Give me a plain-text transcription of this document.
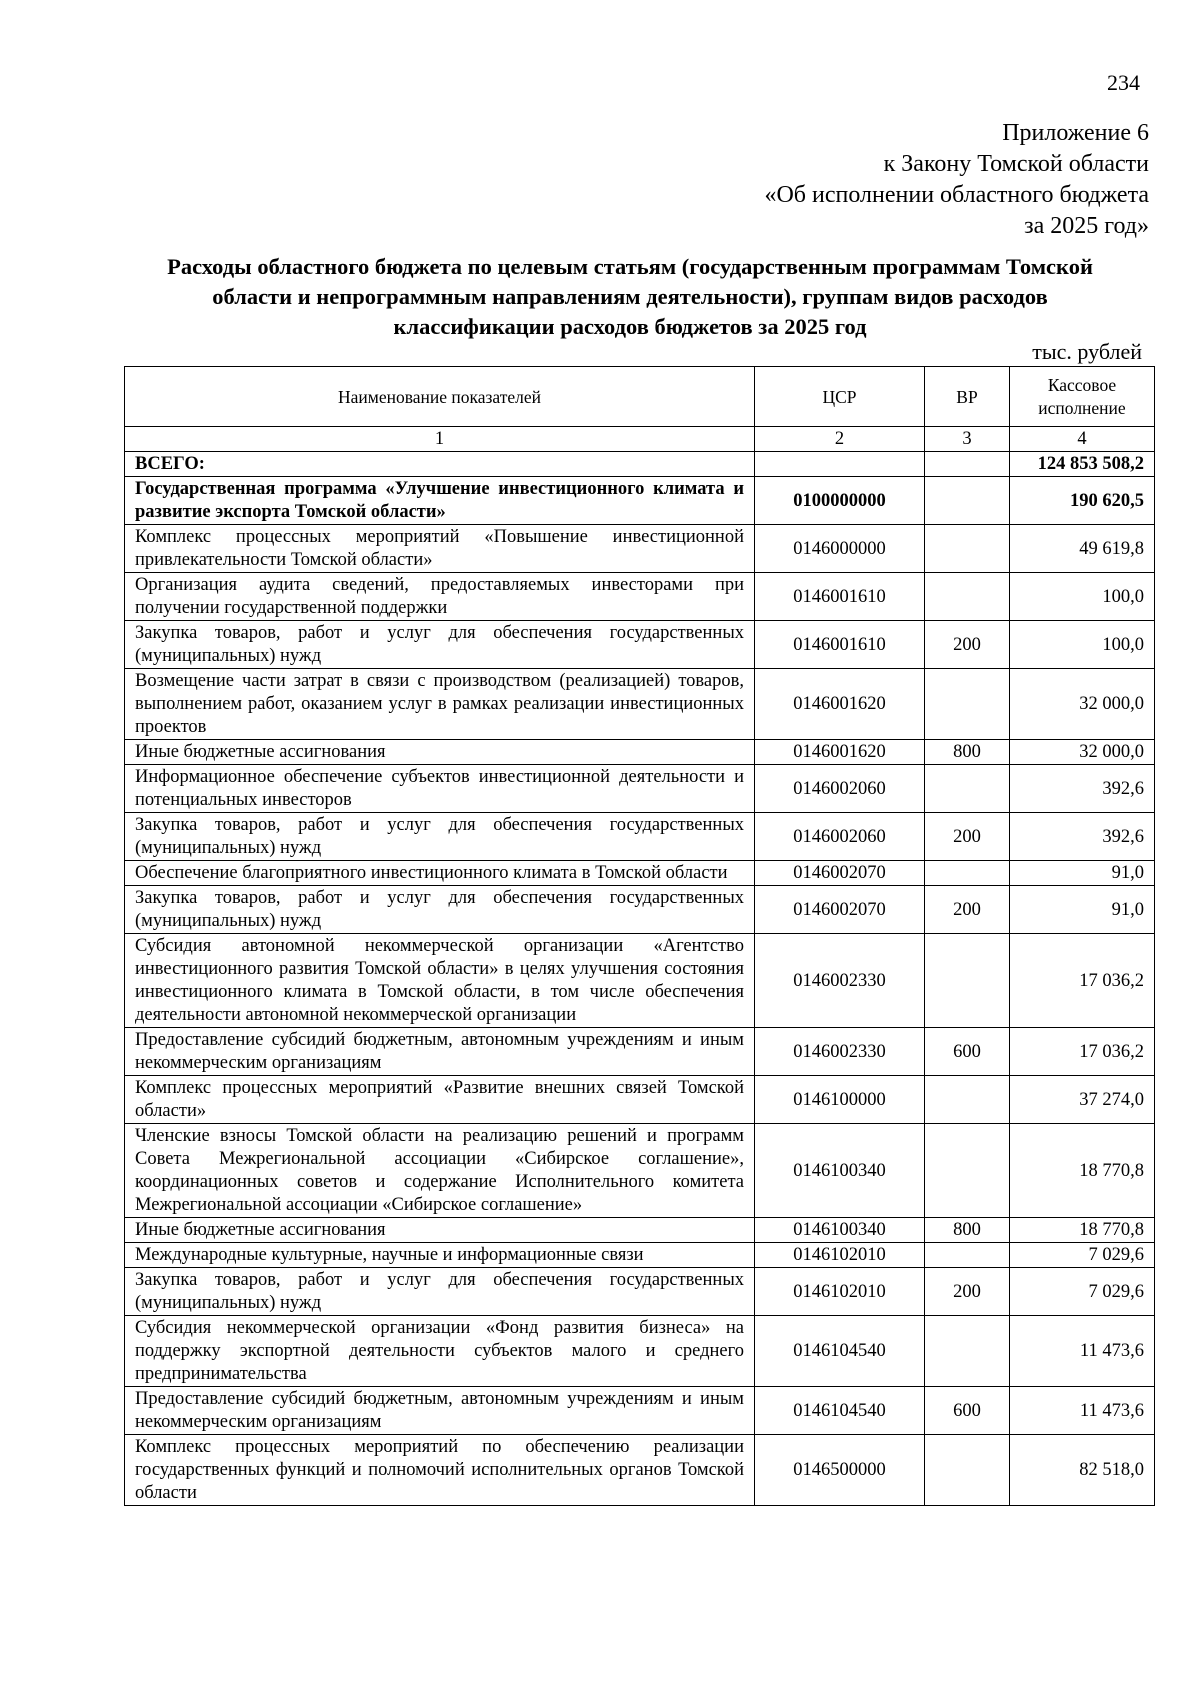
234
Приложение 6
к Закону Томской области
«Об исполнении областного бюджета
за 2025 год»
Расходы областного бюджета по целевым статьям (государственным программам Томской
области и непрограммным направлениям деятельности), группам видов расходов
классификации расходов бюджетов за 2025 год
тыс. рублей
Наименование показателей	ЦСР	ВР	Кассовое исполнение
1	2	3	4
ВСЕГО:			124 853 508,2
Государственная программа «Улучшение инвестиционного климата и развитие экспорта Томской области»	0100000000		190 620,5
Комплекс процессных мероприятий «Повышение инвестиционной привлекательности Томской области»	0146000000		49 619,8
Организация аудита сведений, предоставляемых инвесторами при получении государственной поддержки	0146001610		100,0
Закупка товаров, работ и услуг для обеспечения государственных (муниципальных) нужд	0146001610	200	100,0
Возмещение части затрат в связи с производством (реализацией) товаров, выполнением работ, оказанием услуг в рамках реализации инвестиционных проектов	0146001620		32 000,0
Иные бюджетные ассигнования	0146001620	800	32 000,0
Информационное обеспечение субъектов инвестиционной деятельности и потенциальных инвесторов	0146002060		392,6
Закупка товаров, работ и услуг для обеспечения государственных (муниципальных) нужд	0146002060	200	392,6
Обеспечение благоприятного инвестиционного климата в Томской области	0146002070		91,0
Закупка товаров, работ и услуг для обеспечения государственных (муниципальных) нужд	0146002070	200	91,0
Субсидия автономной некоммерческой организации «Агентство инвестиционного развития Томской области» в целях улучшения состояния инвестиционного климата в Томской области, в том числе обеспечения деятельности автономной некоммерческой организации	0146002330		17 036,2
Предоставление субсидий бюджетным, автономным учреждениям и иным некоммерческим организациям	0146002330	600	17 036,2
Комплекс процессных мероприятий «Развитие внешних связей Томской области»	0146100000		37 274,0
Членские взносы Томской области на реализацию решений и программ Совета Межрегиональной ассоциации «Сибирское соглашение», координационных советов и содержание Исполнительного комитета Межрегиональной ассоциации «Сибирское соглашение»	0146100340		18 770,8
Иные бюджетные ассигнования	0146100340	800	18 770,8
Международные культурные, научные и информационные связи	0146102010		7 029,6
Закупка товаров, работ и услуг для обеспечения государственных (муниципальных) нужд	0146102010	200	7 029,6
Субсидия некоммерческой организации «Фонд развития бизнеса» на поддержку экспортной деятельности субъектов малого и среднего предпринимательства	0146104540		11 473,6
Предоставление субсидий бюджетным, автономным учреждениям и иным некоммерческим организациям	0146104540	600	11 473,6
Комплекс процессных мероприятий по обеспечению реализации государственных функций и полномочий исполнительных органов Томской области	0146500000		82 518,0
